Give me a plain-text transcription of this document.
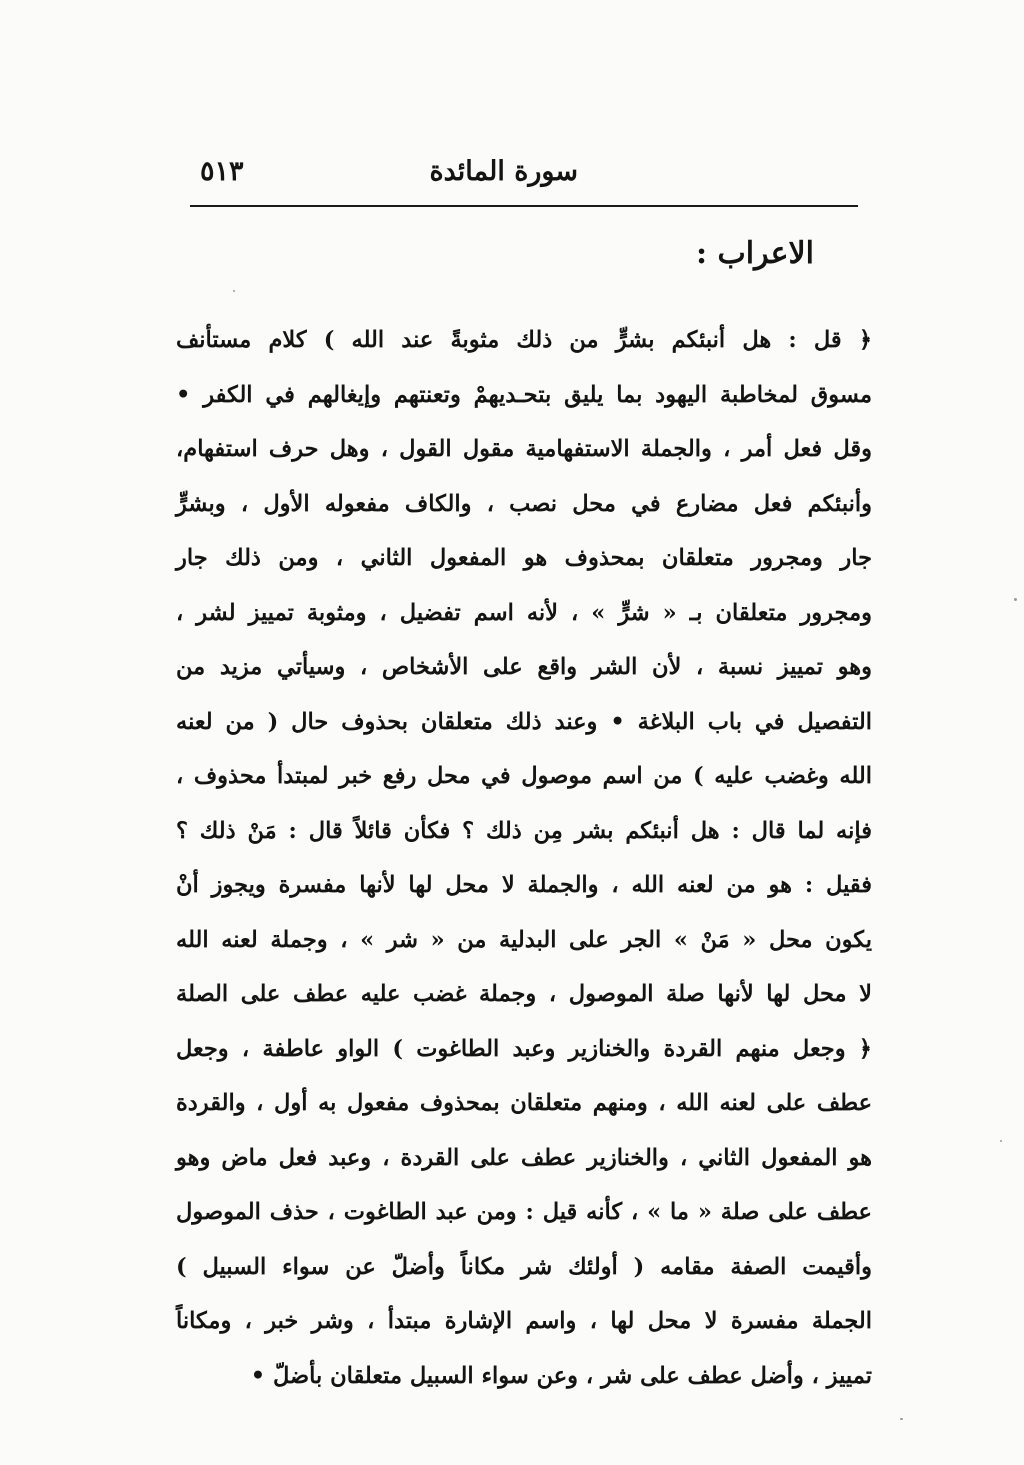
سورة المائدة
٥١٣
الاعراب :
﴿ قل : هل أنبئكم بشرٍّ من ذلك مثوبةً عند الله ) كلام مستأنف
مسوق لمخاطبة اليهود بما يليق بتحـديهمْ وتعنتهم وإيغالهم في الكفر •
وقل فعل أمر ، والجملة الاستفهامية مقول القول ، وهل حرف استفهام،
وأنبئكم فعل مضارع في محل نصب ، والكاف مفعوله الأول ، وبشرٍّ
جار ومجرور متعلقان بمحذوف هو المفعول الثاني ، ومن ذلك جار
ومجرور متعلقان بـ « شرٍّ » ، لأنه اسم تفضيل ، ومثوبة تمييز لشر ،
وهو تمييز نسبة ، لأن الشر واقع على الأشخاص ، وسيأتي مزيد من
التفصيل في باب البلاغة • وعند ذلك متعلقان بحذوف حال ( من لعنه
الله وغضب عليه ) من اسم موصول في محل رفع خبر لمبتدأ محذوف ،
فإنه لما قال : هل أنبئكم بشر مِن ذلك ؟ فكأن قائلاً قال : مَنْ ذلك ؟
فقيل : هو من لعنه الله ، والجملة لا محل لها لأنها مفسرة ويجوز أنْ
يكون محل « مَنْ » الجر على البدلية من « شر » ، وجملة لعنه الله
لا محل لها لأنها صلة الموصول ، وجملة غضب عليه عطف على الصلة
﴿ وجعل منهم القردة والخنازير وعبد الطاغوت ) الواو عاطفة ، وجعل
عطف على لعنه الله ، ومنهم متعلقان بمحذوف مفعول به أول ، والقردة
هو المفعول الثاني ، والخنازير عطف على القردة ، وعبد فعل ماض وهو
عطف على صلة « ما » ، كأنه قيل : ومن عبد الطاغوت ، حذف الموصول
وأقيمت الصفة مقامه ( أولئك شر مكاناً وأضلّ عن سواء السبيل )
الجملة مفسرة لا محل لها ، واسم الإشارة مبتدأ ، وشر خبر ، ومكاناً
تمييز ، وأضل عطف على شر ، وعن سواء السبيل متعلقان بأضلّ •
